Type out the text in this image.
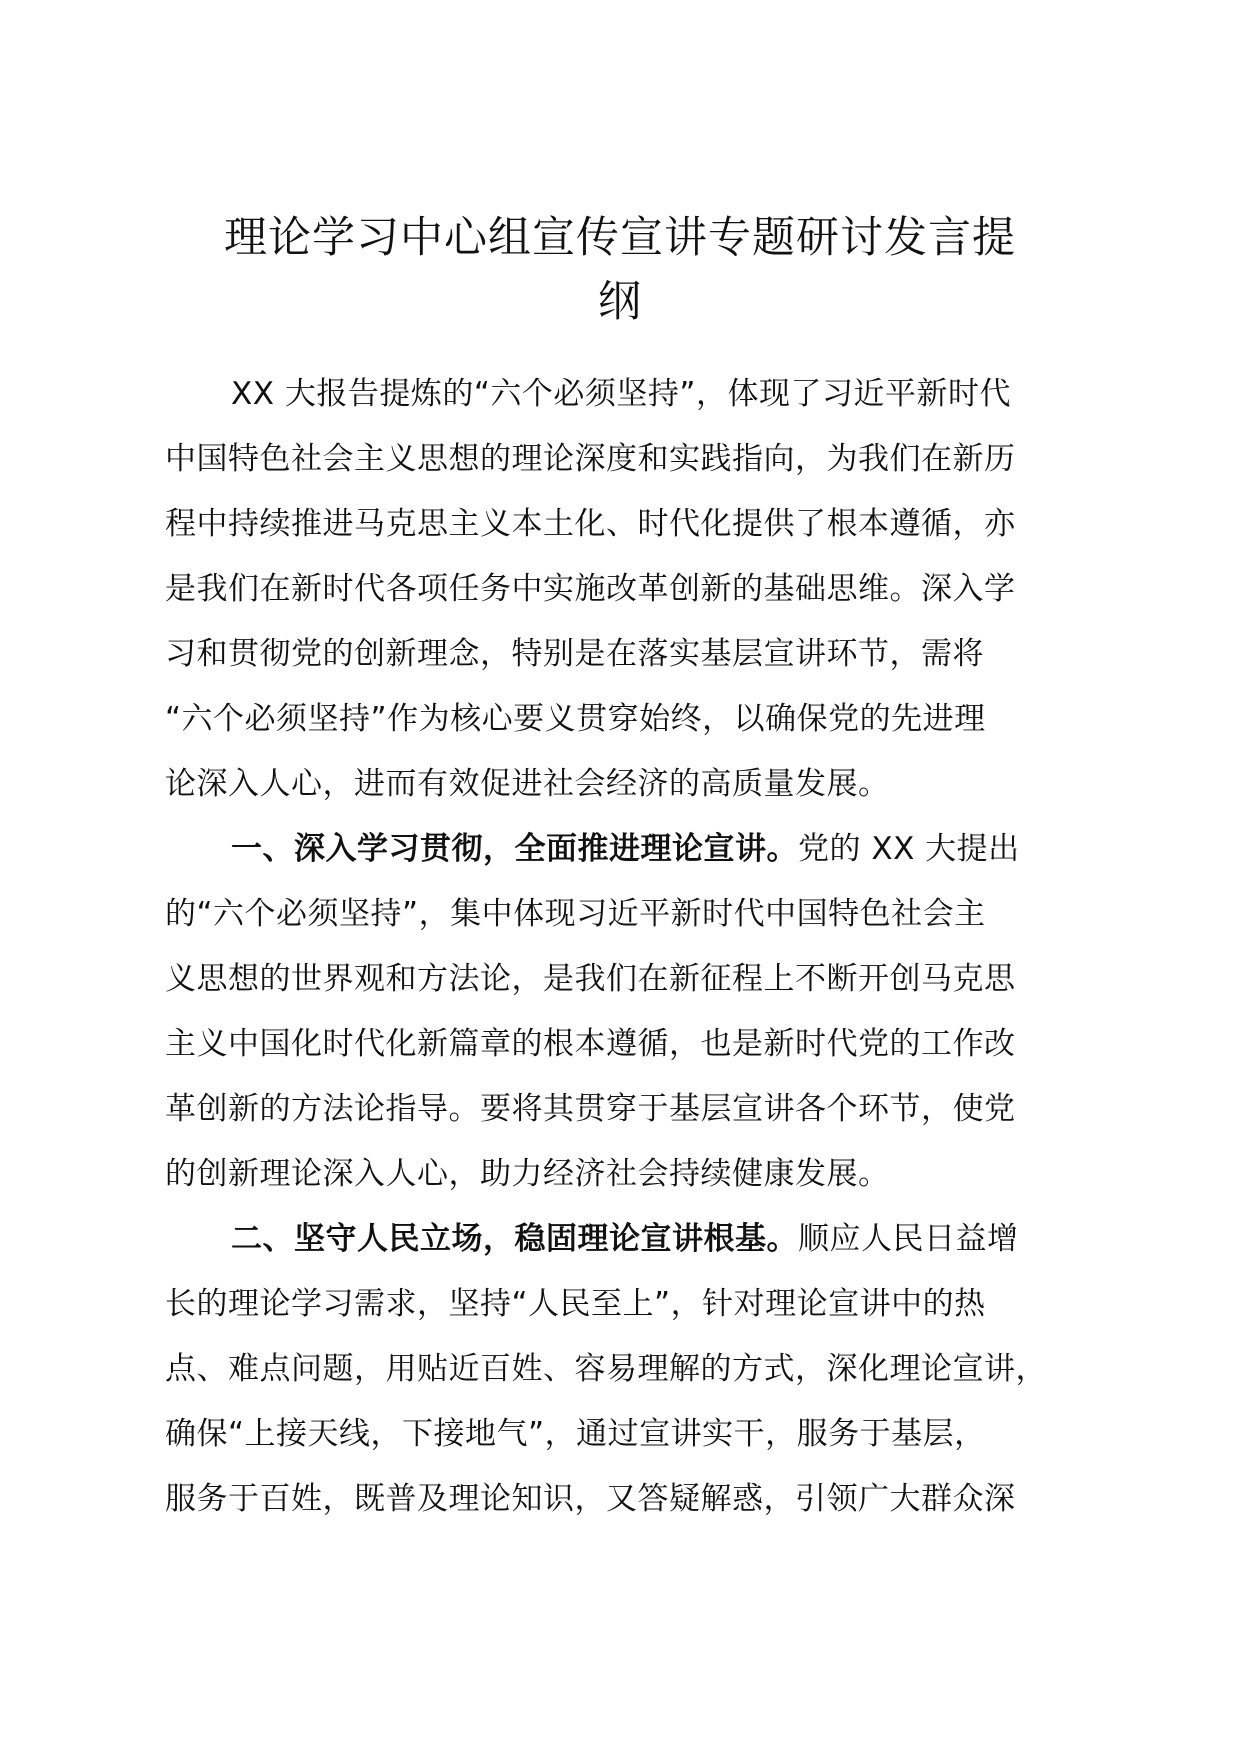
理论学习中心组宣传宣讲专题研讨发言提
纲
XX 大报告提炼的“六个必须坚持”，体现了习近平新时代
中国特色社会主义思想的理论深度和实践指向，为我们在新历
程中持续推进马克思主义本土化、时代化提供了根本遵循，亦
是我们在新时代各项任务中实施改革创新的基础思维。深入学
习和贯彻党的创新理念，特别是在落实基层宣讲环节，需将
“六个必须坚持”作为核心要义贯穿始终，以确保党的先进理
论深入人心，进而有效促进社会经济的高质量发展。
一、深入学习贯彻，全面推进理论宣讲。党的 XX 大提出
的“六个必须坚持”，集中体现习近平新时代中国特色社会主
义思想的世界观和方法论，是我们在新征程上不断开创马克思
主义中国化时代化新篇章的根本遵循，也是新时代党的工作改
革创新的方法论指导。要将其贯穿于基层宣讲各个环节，使党
的创新理论深入人心，助力经济社会持续健康发展。
二、坚守人民立场，稳固理论宣讲根基。顺应人民日益增
长的理论学习需求，坚持“人民至上”，针对理论宣讲中的热
点、难点问题，用贴近百姓、容易理解的方式，深化理论宣讲，
确保“上接天线，下接地气”，通过宣讲实干，服务于基层，
服务于百姓，既普及理论知识，又答疑解惑，引领广大群众深
